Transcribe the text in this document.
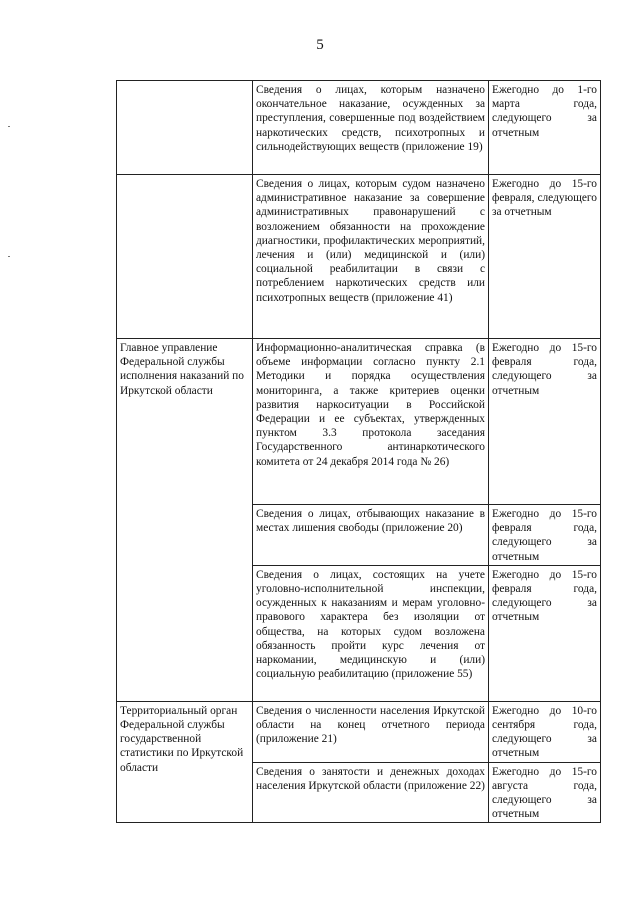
5
	Сведения о лицах, которым назначено окончательное наказание, осужденных за преступления, совершенные под воздействием наркотических средств, психотропных и сильнодействующих веществ (приложение 19)	Ежегодно до 1-го марта года, следующего за отчетным
	Сведения о лицах, которым судом назначено административное наказание за совершение административных правонарушений с возложением обязанности на прохождение диагностики, профилактических мероприятий, лечения и (или) медицинской и (или) социальной реабилитации в связи с потреблением наркотических средств или психотропных веществ (приложение 41)	Ежегодно до 15-го февраля, следующего за отчетным
Главное управление Федеральной службы исполнения наказаний по Иркутской области	Информационно-аналитическая справка (в объеме информации согласно пункту 2.1 Методики и порядка осуществления мониторинга, а также критериев оценки развития наркоситуации в Российской Федерации и ее субъектах, утвержденных пунктом 3.3 протокола заседания Государственного антинаркотического комитета от 24 декабря 2014 года № 26)	Ежегодно до 15-го февраля года, следующего за отчетным
	Сведения о лицах, отбывающих наказание в местах лишения свободы (приложение 20)	Ежегодно до 15-го февраля года, следующего за отчетным
	Сведения о лицах, состоящих на учете уголовно-исполнительной инспекции, осужденных к наказаниям и мерам уголовно-правового характера без изоляции от общества, на которых судом возложена обязанность пройти курс лечения от наркомании, медицинскую и (или) социальную реабилитацию (приложение 55)	Ежегодно до 15-го февраля года, следующего за отчетным
Территориальный орган Федеральной службы государственной статистики по Иркутской области	Сведения о численности населения Иркутской области на конец отчетного периода (приложение 21)	Ежегодно до 10-го сентября года, следующего за отчетным
	Сведения о занятости и денежных доходах населения Иркутской области (приложение 22)	Ежегодно до 15-го августа года, следующего за отчетным
